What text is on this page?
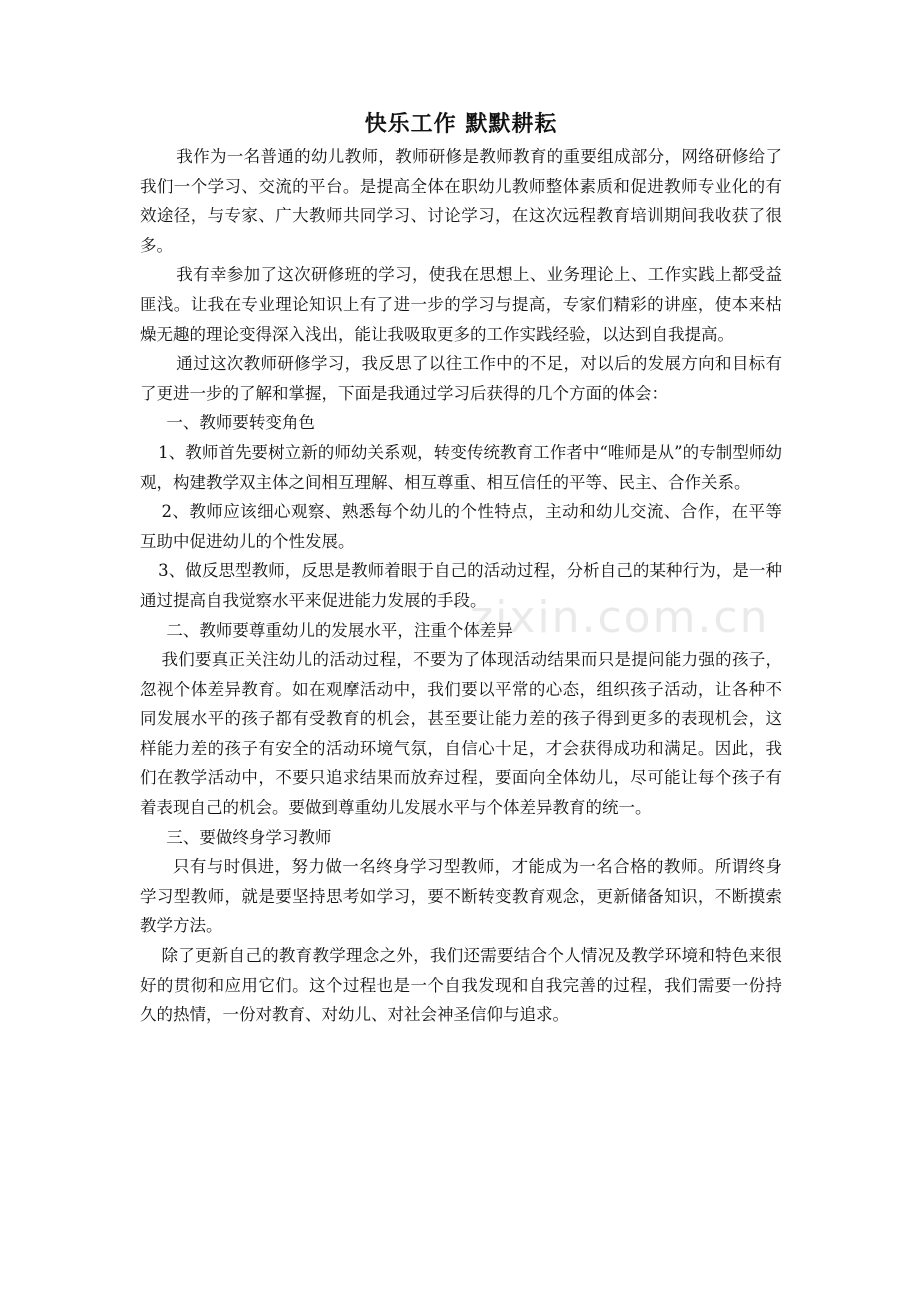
快乐工作 默默耕耘

我作为一名普通的幼儿教师，教师研修是教师教育的重要组成部分，网络研修给了我们一个学习、交流的平台。是提高全体在职幼儿教师整体素质和促进教师专业化的有效途径，与专家、广大教师共同学习、讨论学习，在这次远程教育培训期间我收获了很多。

我有幸参加了这次研修班的学习，使我在思想上、业务理论上、工作实践上都受益匪浅。让我在专业理论知识上有了进一步的学习与提高，专家们精彩的讲座，使本来枯燥无趣的理论变得深入浅出，能让我吸取更多的工作实践经验，以达到自我提高。

通过这次教师研修学习，我反思了以往工作中的不足，对以后的发展方向和目标有了更进一步的了解和掌握，下面是我通过学习后获得的几个方面的体会：

一、教师要转变角色

1、教师首先要树立新的师幼关系观，转变传统教育工作者中“唯师是从”的专制型师幼观，构建教学双主体之间相互理解、相互尊重、相互信任的平等、民主、合作关系。

2、教师应该细心观察、熟悉每个幼儿的个性特点，主动和幼儿交流、合作，在平等互助中促进幼儿的个性发展。

3、做反思型教师，反思是教师着眼于自己的活动过程，分析自己的某种行为，是一种通过提高自我觉察水平来促进能力发展的手段。

二、教师要尊重幼儿的发展水平，注重个体差异

我们要真正关注幼儿的活动过程，不要为了体现活动结果而只是提问能力强的孩子，忽视个体差异教育。如在观摩活动中，我们要以平常的心态，组织孩子活动，让各种不同发展水平的孩子都有受教育的机会，甚至要让能力差的孩子得到更多的表现机会，这样能力差的孩子有安全的活动环境气氛，自信心十足，才会获得成功和满足。因此，我们在教学活动中，不要只追求结果而放弃过程，要面向全体幼儿，尽可能让每个孩子有着表现自己的机会。要做到尊重幼儿发展水平与个体差异教育的统一。

三、要做终身学习教师

只有与时俱进，努力做一名终身学习型教师，才能成为一名合格的教师。所谓终身学习型教师，就是要坚持思考如学习，要不断转变教育观念，更新储备知识，不断摸索教学方法。

除了更新自己的教育教学理念之外，我们还需要结合个人情况及教学环境和特色来很好的贯彻和应用它们。这个过程也是一个自我发现和自我完善的过程，我们需要一份持久的热情，一份对教育、对幼儿、对社会神圣信仰与追求。

zixin.com.cn
